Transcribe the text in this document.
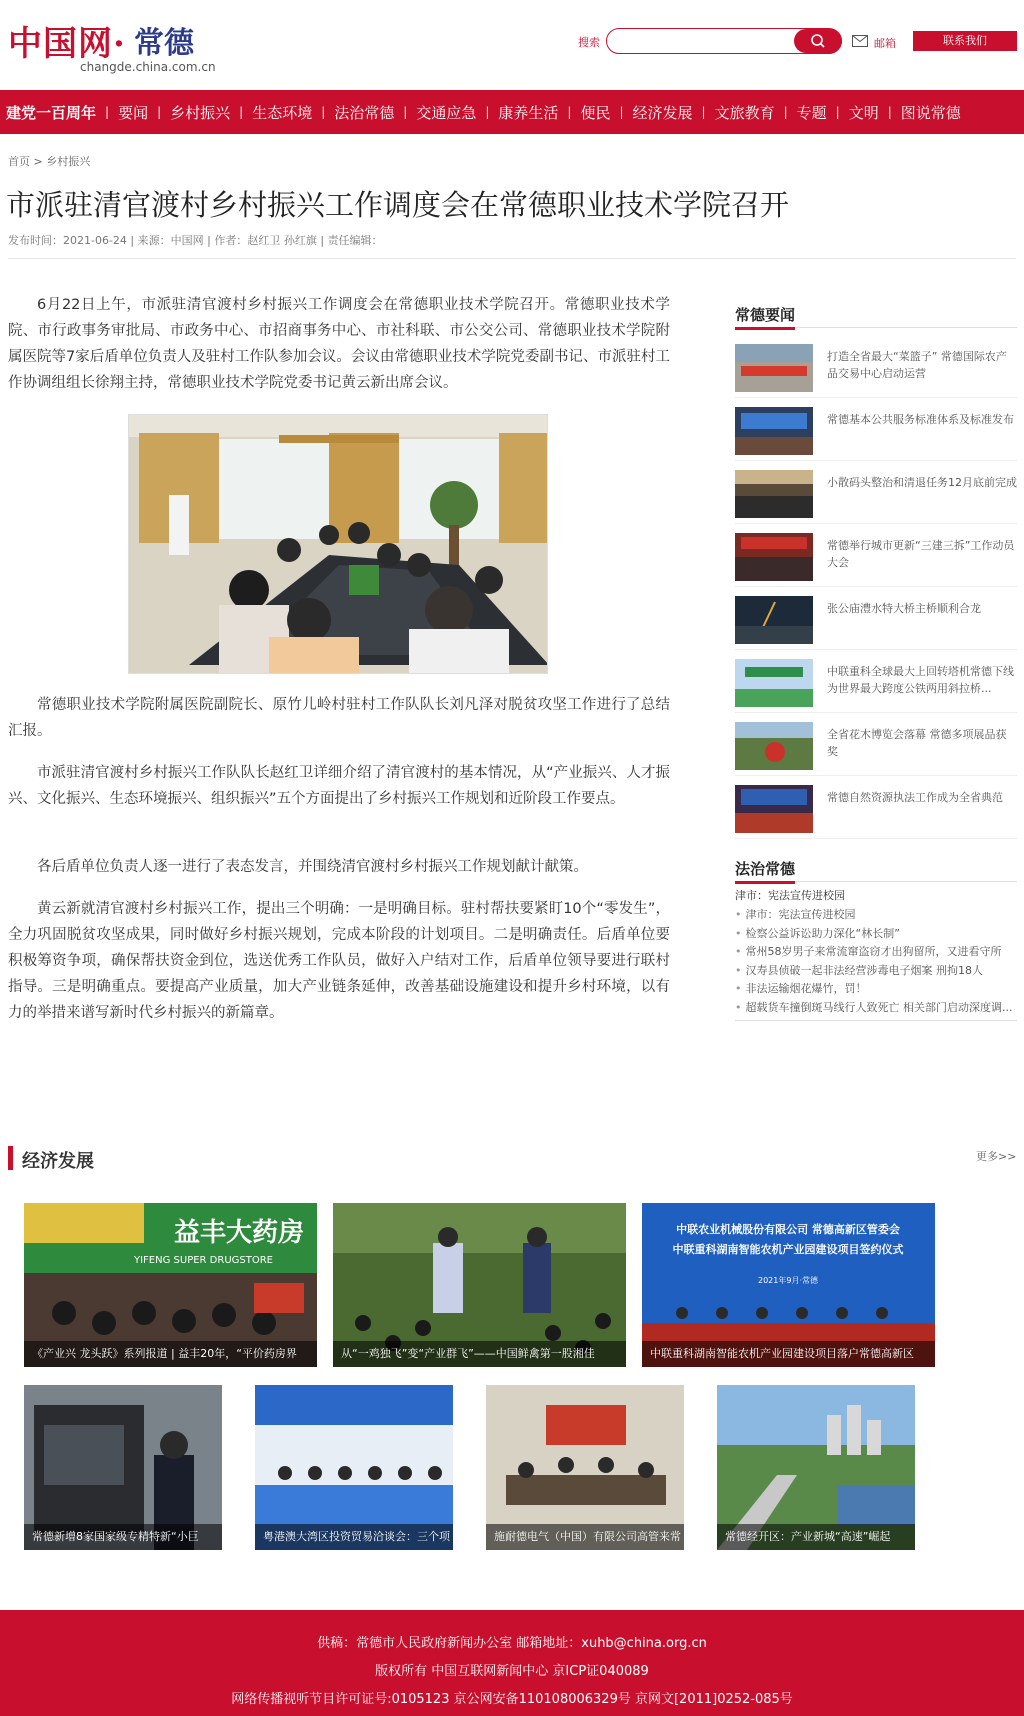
中国网· 常德
changde.china.com.cn
搜索	邮箱	联系我们
建党一百周年 | 要闻 | 乡村振兴 | 生态环境 | 法治常德 | 交通应急 | 康养生活 | 便民 | 经济发展 | 文旅教育 | 专题 | 文明 | 图说常德
首页 > 乡村振兴
市派驻清官渡村乡村振兴工作调度会在常德职业技术学院召开
发布时间：2021-06-24 | 来源：中国网 | 作者：赵红卫 孙红旗 | 责任编辑：

6月22日上午，市派驻清官渡村乡村振兴工作调度会在常德职业技术学院召开。常德职业技术学院、市行政事务审批局、市政务中心、市招商事务中心、市社科联、市公交公司、常德职业技术学院附属医院等7家后盾单位负责人及驻村工作队参加会议。会议由常德职业技术学院党委副书记、市派驻村工作协调组组长徐翔主持，常德职业技术学院党委书记黄云新出席会议。

常德职业技术学院附属医院副院长、原竹儿岭村驻村工作队队长刘凡泽对脱贫攻坚工作进行了总结汇报。

市派驻清官渡村乡村振兴工作队队长赵红卫详细介绍了清官渡村的基本情况，从“产业振兴、人才振兴、文化振兴、生态环境振兴、组织振兴”五个方面提出了乡村振兴工作规划和近阶段工作要点。

各后盾单位负责人逐一进行了表态发言，并围绕清官渡村乡村振兴工作规划献计献策。

黄云新就清官渡村乡村振兴工作，提出三个明确：一是明确目标。驻村帮扶要紧盯10个“零发生”，全力巩固脱贫攻坚成果，同时做好乡村振兴规划，完成本阶段的计划项目。二是明确责任。后盾单位要积极筹资争项，确保帮扶资金到位，选送优秀工作队员，做好入户结对工作，后盾单位领导要进行联村指导。三是明确重点。要提高产业质量，加大产业链条延伸，改善基础设施建设和提升乡村环境，以有力的举措来谱写新时代乡村振兴的新篇章。

常德要闻
打造全省最大“菜篮子” 常德国际农产品交易中心启动运营
常德基本公共服务标准体系及标准发布
小散码头整治和清退任务12月底前完成
常德举行城市更新“三建三拆”工作动员大会
张公庙澧水特大桥主桥顺利合龙
中联重科全球最大上回转塔机常德下线 为世界最大跨度公铁两用斜拉桥...
全省花木博览会落幕 常德多项展品获奖
常德自然资源执法工作成为全省典范
法治常德
津市：宪法宣传进校园
• 津市：宪法宣传进校园
• 检察公益诉讼助力深化“林长制”
• 常州58岁男子来常流窜盗窃才出狗留所，又进看守所
• 汉寿县侦破一起非法经营涉毒电子烟案 刑拘18人
• 非法运输烟花爆竹，罚！
• 超载货车撞倒斑马线行人致死亡 相关部门启动深度调...
经济发展	更多>>
益丰大药房
YIFENG SUPER DRUGSTORE
《产业兴 龙头跃》系列报道 | 益丰20年，“平价药房界	从“一鸡独飞”变“产业群飞”——中国鲜禽第一股湘佳
中联农业机械股份有限公司 常德高新区管委会
中联重科湖南智能农机产业园建设项目签约仪式
2021年9月·常德
中联重科湖南智能农机产业园建设项目落户常德高新区
常德新增8家国家级专精特新“小巨	粤港澳大湾区投资贸易洽谈会：三个项	施耐德电气（中国）有限公司高管来常	常德经开区：产业新城“高速”崛起

供稿：常德市人民政府新闻办公室 邮箱地址：xuhb@china.org.cn

版权所有 中国互联网新闻中心 京ICP证040089

网络传播视听节目许可证号:0105123 京公网安备110108006329号 京网文[2011]0252-085号
